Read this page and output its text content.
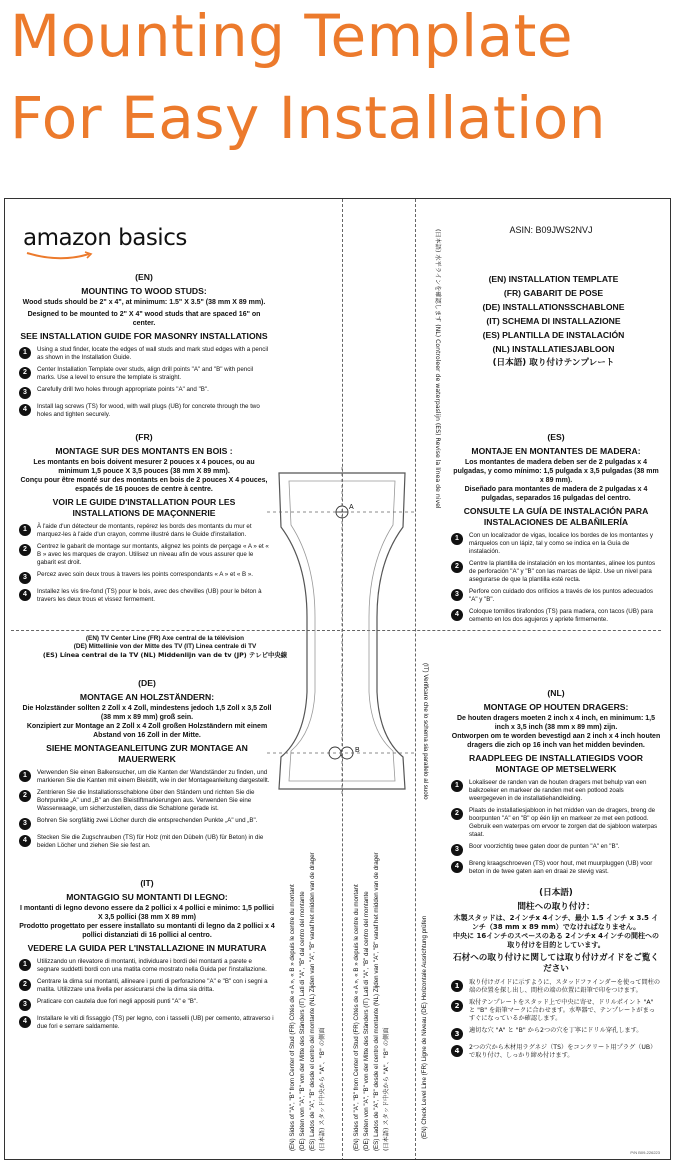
Mounting Template
For Easy Installation
amazon basics	ASIN: B09JWS2NVJ
(EN)
MOUNTING TO WOOD STUDS:
Wood studs should be 2" x 4", at minimum: 1.5" X 3.5" (38 mm X 89 mm).
Designed to be mounted to 2" X 4" wood studs that are spaced 16" on center.
SEE INSTALLATION GUIDE FOR MASONRY INSTALLATIONS
1	Using a stud finder, locate the edges of wall studs and mark stud edges with a pencil as shown in the Installation Guide.
2	Center Installation Template over studs, align drill points "A" and "B" with pencil marks. Use a level to ensure the template is straight.
3	Carefully drill two holes through appropriate points "A" and "B".
4	Install lag screws (TS) for wood, with wall plugs (UB) for concrete through the two holes and tighten securely.
(FR)
MONTAGE SUR DES MONTANTS EN BOIS :
Les montants en bois doivent mesurer 2 pouces x 4 pouces, ou au minimum 1,5 pouce X 3,5 pouces (38 mm X 89 mm).
Conçu pour être monté sur des montants en bois de 2 pouces X 4 pouces, espacés de 16 pouces de centre à centre.
VOIR LE GUIDE D'INSTALLATION POUR LES INSTALLATIONS DE MAÇONNERIE
1	À l'aide d'un détecteur de montants, repérez les bords des montants du mur et marquez-les à l'aide d'un crayon, comme illustré dans le Guide d'installation.
2	Centrez le gabarit de montage sur montants, alignez les points de perçage « A » et « B » avec les marques de crayon. Utilisez un niveau afin de vous assurer que le gabarit est droit.
3	Percez avec soin deux trous à travers les points correspondants « A » et « B ».
4	Installez les vis tire-fond (TS) pour le bois, avec des chevilles (UB) pour le béton à travers les deux trous et vissez fermement.
(EN) TV Center Line (FR) Axe central de la télévision
(DE) Mittellinie von der Mitte des TV (IT) Linea centrale di TV
(ES) Línea central de la TV (NL) Middenlijn van de tv (JP) テレビ中央線
(DE)
MONTAGE AN HOLZSTÄNDERN:
Die Holzständer sollten 2 Zoll x 4 Zoll, mindestens jedoch 1,5 Zoll x 3,5 Zoll (38 mm x 89 mm) groß sein.
Konzipiert zur Montage an 2 Zoll x 4 Zoll großen Holzständern mit einem Abstand von 16 Zoll in der Mitte.
SIEHE MONTAGEANLEITUNG ZUR MONTAGE AN MAUERWERK
1	Verwenden Sie einen Balkensucher, um die Kanten der Wandständer zu finden, und markieren Sie die Kanten mit einem Bleistift, wie in der Montageanleitung dargestellt.
2	Zentrieren Sie die Installationsschablone über den Ständern und richten Sie die Bohrpunkte „A" und „B" an den Bleistiftmarkierungen aus. Verwenden Sie eine Wasserwaage, um sicherzustellen, dass die Schablone gerade ist.
3	Bohren Sie sorgfältig zwei Löcher durch die entsprechenden Punkte „A" und „B".
4	Stecken Sie die Zugschrauben (TS) für Holz (mit den Dübeln (UB) für Beton) in die beiden Löcher und ziehen Sie sie fest an.
(IT)
MONTAGGIO SU MONTANTI DI LEGNO:
I montanti di legno devono essere da 2 pollici x 4 pollici e minimo: 1,5 pollici X 3,5 pollici (38 mm X 89 mm)
Prodotto progettato per essere installato su montanti di legno da 2 pollici x 4 pollici distanziati di 16 pollici al centro.
VEDERE LA GUIDA PER L'INSTALLAZIONE IN MURATURA
1	Utilizzando un rilevatore di montanti, individuare i bordi dei montanti a parete e segnare suddetti bordi con una matita come mostrato nella Guida per l'installazione.
2	Centrare la dima sui montanti, allineare i punti di perforazione "A" e "B" con i segni a matita. Utilizzare una livella per assicurarsi che la dima sia dritta.
3	Praticare con cautela due fori negli appositi punti "A" e "B".
4	Installare le viti di fissaggio (TS) per legno, con i tasselli (UB) per cemento, attraverso i due fori e serrare saldamente.
A
B
(日本語) 水平ラインを確認します (NL) Controleer de waterpaslijn (ES) Revise la línea de nivel
(IT) Verificare che lo schema sia parallelo al suolo
(EN) Check Level Line (FR) Ligne de Niveau (DE) Horizontale Ausrichtung prüfen
(EN) Sides of "A", "B" from Center of Stud (FR) Côtés de « A », « B » depuis le centre du montant (DE) Seiten von "A", "B" von der Mitte des Ständers (IT) Lati di "A", "B" dal centro del montante (ES) Lados de "A", "B" desde el centro del montante (NL) Zijden van "A", "B" vanaf het midden van de drager (日本語) スタッド中央から "A"、"B" の側面	(EN) Sides of "A", "B" from Center of Stud (FR) Côtés de « A », « B » depuis le centre du montant (DE) Seiten von "A", "B" von der Mitte des Ständers (IT) Lati di "A", "B" dal centro del montante (ES) Lados de "A", "B" desde el centro del montante (NL) Zijden van "A", "B" vanaf het midden van de drager (日本語) スタッド中央から "A"、"B" の側面
(EN) INSTALLATION TEMPLATE
(FR) GABARIT DE POSE
(DE) INSTALLATIONSSCHABLONE
(IT) SCHEMA DI INSTALLAZIONE
(ES) PLANTILLA DE INSTALACIÓN
(NL) INSTALLATIESJABLOON
(日本語) 取り付けテンプレート
(ES)
MONTAJE EN MONTANTES DE MADERA:
Los montantes de madera deben ser de 2 pulgadas x 4 pulgadas, y como mínimo: 1,5 pulgada x 3,5 pulgadas (38 mm x 89 mm).
Diseñado para montantes de madera de 2 pulgadas x 4 pulgadas, separados 16 pulgadas del centro.
CONSULTE LA GUÍA DE INSTALACIÓN PARA INSTALACIONES DE ALBAÑILERÍA
1	Con un localizador de vigas, localice los bordes de los montantes y márquelos con un lápiz, tal y como se indica en la Guía de instalación.
2	Centre la plantilla de instalación en los montantes, alinee los puntos de perforación "A" y "B" con las marcas de lápiz. Use un nivel para asegurarse de que la plantilla esté recta.
3	Perfore con cuidado dos orificios a través de los puntos adecuados "A" y "B".
4	Coloque tornillos tirafondos (TS) para madera, con tacos (UB) para cemento en los dos agujeros y apriete firmemente.
(NL)
MONTAGE OP HOUTEN DRAGERS:
De houten dragers moeten 2 inch x 4 inch, en minimum: 1,5 inch x 3,5 inch (38 mm x 89 mm) zijn.
Ontworpen om te worden bevestigd aan 2 inch x 4 inch houten dragers die zich op 16 inch van het midden bevinden.
RAADPLEEG DE INSTALLATIEGIDS VOOR MONTAGE OP METSELWERK
1	Lokaliseer de randen van de houten dragers met behulp van een balkzoeker en markeer de randen met een potlood zoals weergegeven in de installatiehandleiding.
2	Plaats de installatiesjabloon in het midden van de dragers, breng de boorpunten "A" en "B" op één lijn en markeer ze met een potlood. Gebruik een waterpas om ervoor te zorgen dat de sjabloon waterpas staat.
3	Boor voorzichtig twee gaten door de punten "A" en "B".
4	Breng kraagschroeven (TS) voor hout, met muurpluggen (UB) voor beton in de twee gaten aan en draai ze stevig vast.
(日本語)
間柱への取り付け：
木製スタッドは、2インチx 4インチ、最小 1.5 インチ x 3.5 インチ（38 mm x 89 mm）でなければなりません。
中央に 16インチのスペースのある 2インチx 4インチの間柱への取り付けを目的としています。
石材への取り付けに関しては取り付けガイドをご覧ください
1	取り付けガイドに示すように、スタッドファインダーを使って間柱の端の位置を探し出し、間柱の端の位置に鉛筆で印をつけます。
2	取付テンプレートをスタッド上で中央に寄せ、ドリルポイント "A" と "B" を鉛筆マークに合わせます。水準器で、テンプレートがまっすぐになっているか確認します。
3	適切な穴 "A" と "B" から2つの穴を丁寧にドリル穿孔します。
4	2つの穴から木材用ラグネジ（TS）をコンクリート用プラグ（UB）で取り付け、しっかり締め付けます。
P/N B09-226223
